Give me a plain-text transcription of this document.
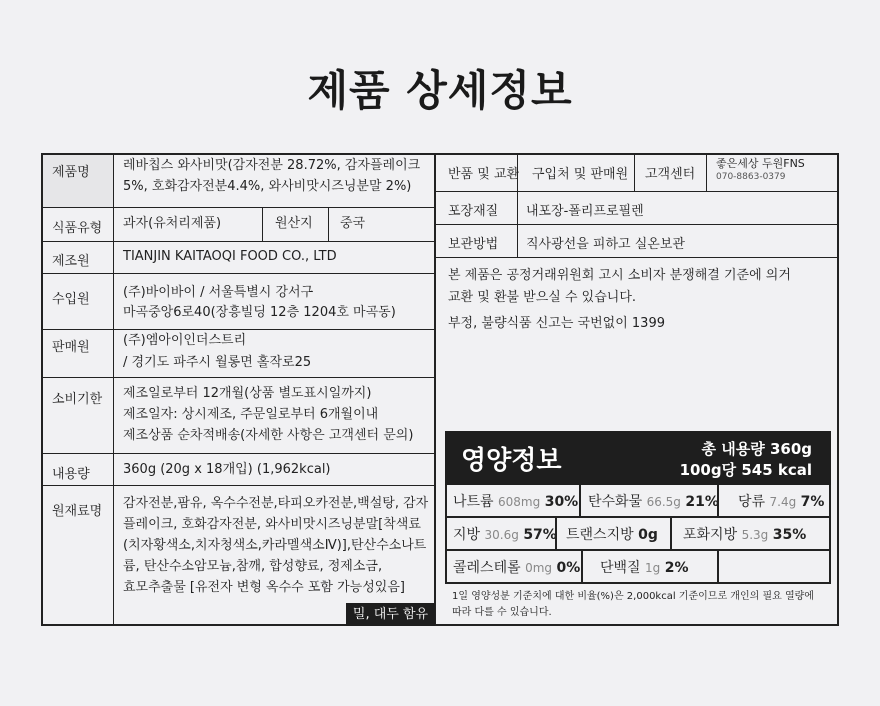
제품 상세정보
제품명	레바칩스 와사비맛(감자전분 28.72%, 감자플레이크
5%, 호화감자전분4.4%, 와사비맛시즈닝분말 2%)
식품유형 과자(유처리제품)	원산지 중국
제조원	TIANJIN KAITAOQI FOOD CO., LTD
수입원	(주)바이바이 / 서울특별시 강서구
마곡중앙6로40(장흥빌딩 12층 1204호 마곡동)
판매원	(주)엠아이인더스트리
/ 경기도 파주시 월롱면 홀작로25
소비기한 제조일로부터 12개월(상품 별도표시일까지)
제조일자: 상시제조, 주문일로부터 6개월이내
제조상품 순차적배송(자세한 사항은 고객센터 문의)
내용량	360g (20g x 18개입) (1,962kcal)
원재료명
감자전분,팜유, 옥수수전분,타피오카전분,백설탕, 감자
플레이크, 호화감자전분, 와사비맛시즈닝분말[착색료
(치자황색소,치자청색소,카라멜색소Ⅳ)],탄산수소나트
륨, 탄산수소암모늄,참깨, 합성향료, 정제소금,
효모추출물 [유전자 변형 옥수수 포함 가능성있음]
밀, 대두 함유
반품 및 교환 구입처 및 판매원 고객센터
좋은세상 두원FNS
070-8863-0379
포장재질 내포장-폴리프로필렌
보관방법 직사광선을 피하고 실온보관
본 제품은 공정거래위원회 고시 소비자 분쟁해결 기준에 의거
교환 및 환불 받으실 수 있습니다.
부정, 불량식품 신고는 국번없이 1399
영양정보	총 내용량 360g
100g당 545 kcal
나트륨 608mg 30% 탄수화물 66.5g 21% 당류 7.4g 7%
지방 30.6g 57% 트랜스지방 0g 포화지방 5.3g 35%
콜레스테롤 0mg 0% 단백질 1g 2%
1일 영양성분 기준치에 대한 비율(%)은 2,000kcal 기준이므로 개인의 필요 열량에
따라 다를 수 있습니다.
